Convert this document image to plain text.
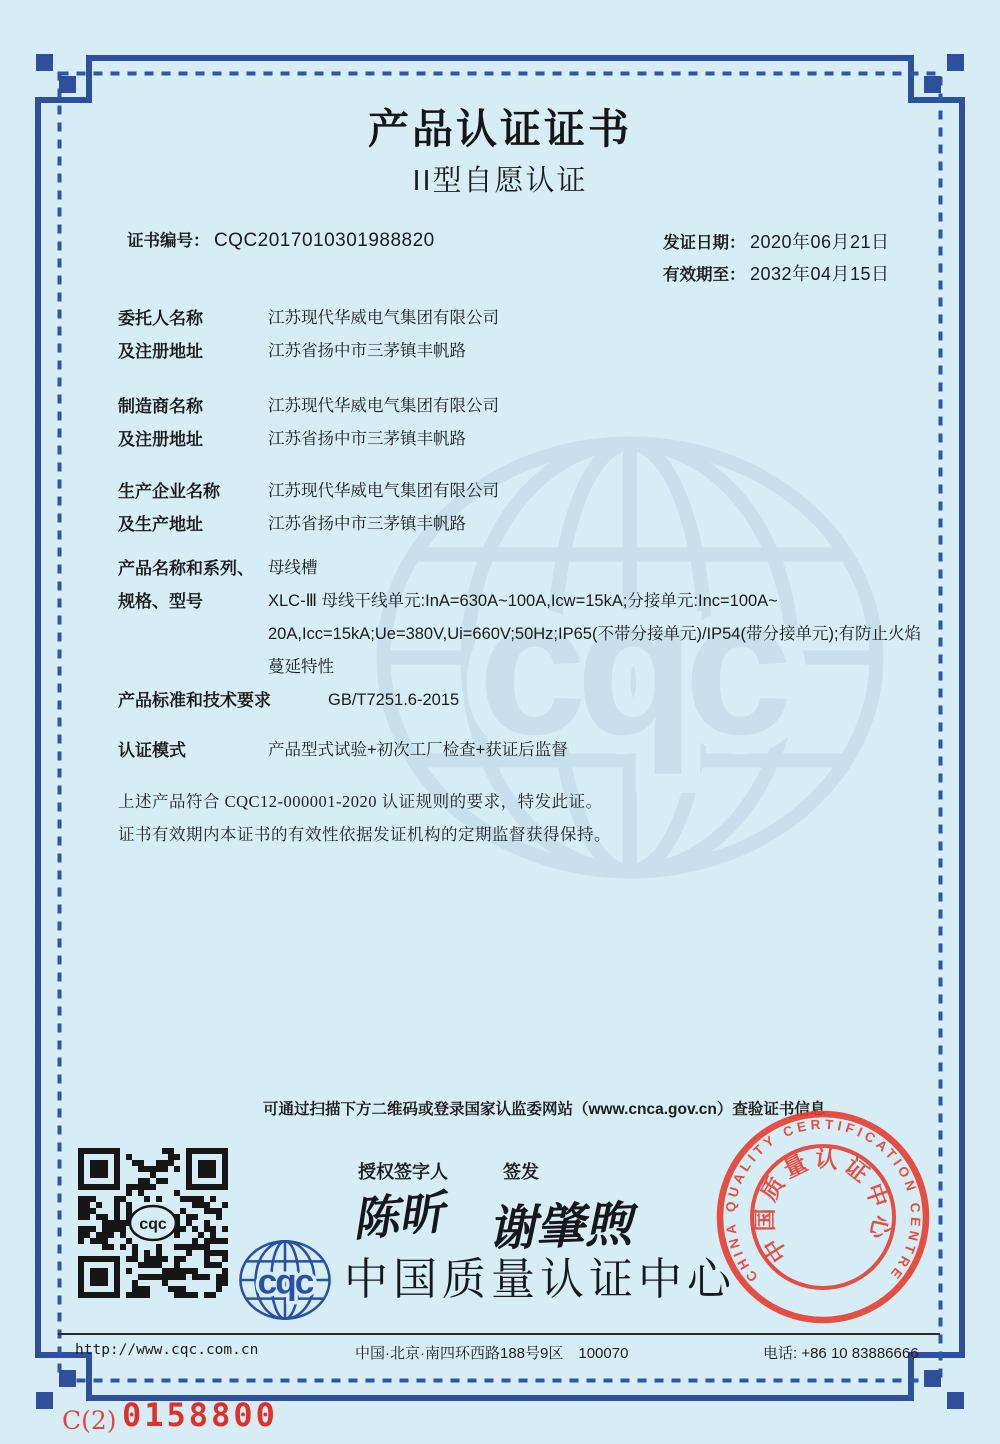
产品认证证书
II型自愿认证
证书编号： CQC2017010301988820	发证日期： 2020年06月21日
有效期至： 2032年04月15日
委托人名称	江苏现代华威电气集团有限公司
及注册地址	江苏省扬中市三茅镇丰帆路
制造商名称	江苏现代华威电气集团有限公司
及注册地址	江苏省扬中市三茅镇丰帆路
生产企业名称	江苏现代华威电气集团有限公司
及生产地址	江苏省扬中市三茅镇丰帆路
产品名称和系列、 母线槽
规格、型号	XLC-Ⅲ 母线干线单元:InA=630A~100A,Icw=15kA;分接单元:Inc=100A~
20A,Icc=15kA;Ue=380V,Ui=660V;50Hz;IP65(不带分接单元)/IP54(带分接单元);有防止火焰
蔓延特性
产品标准和技术要求	GB/T7251.6-2015
认证模式	产品型式试验+初次工厂检查+获证后监督
上述产品符合 CQC12-000001-2020 认证规则的要求，特发此证。
证书有效期内本证书的有效性依据发证机构的定期监督获得保持。
可通过扫描下方二维码或登录国家认监委网站（www.cnca.gov.cn）查验证书信息
cqc
授权签字人	签发
陈昕 谢肇煦
中国质量认证中心 CHINA QUALITY CERTIFICATION CENTRE
中国质量认证中心
http://www.cqc.com.cn	中国·北京·南四环西路188号9区　100070	电话: +86 10 83886666
C(2) 0158800
